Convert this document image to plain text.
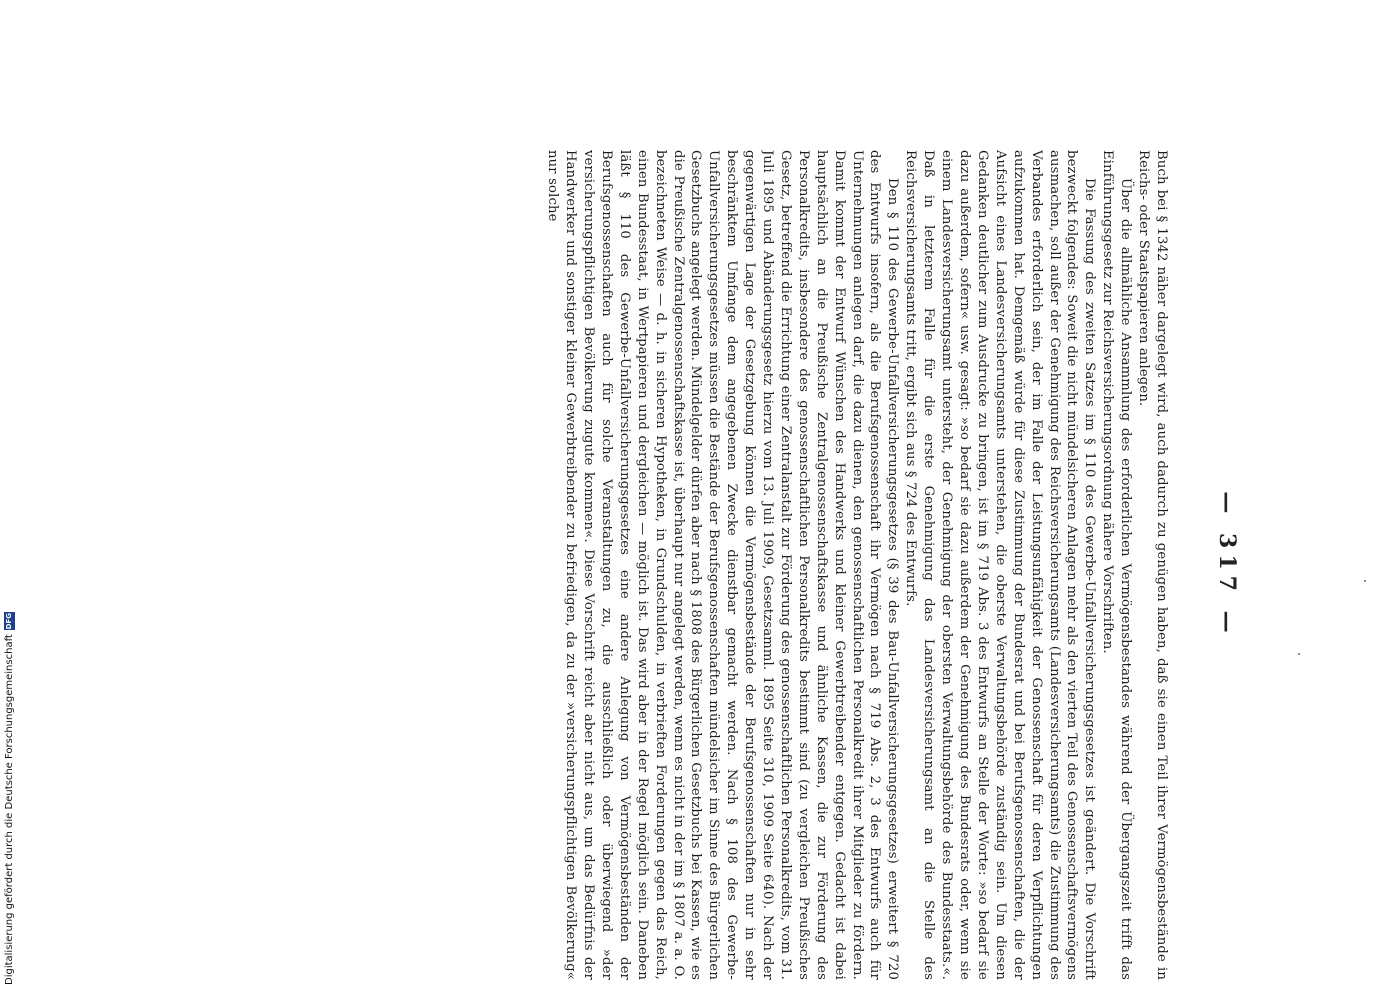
— 317 —

Buch bei § 1342 näher dargelegt wird, auch dadurch zu genügen haben, daß sie einen Teil ihrer Vermögensbestände in Reichs- oder Staatspapieren anlegen.

Über die allmähliche Ansammlung des erforderlichen Vermögensbestandes während der Übergangszeit trifft das Einführungsgesetz zur Reichsversicherungsordnung nähere Vorschriften.

Die Fassung des zweiten Satzes im § 110 des Gewerbe-Unfallversicherungsgesetzes ist geändert. Die Vorschrift bezweckt folgendes: Soweit die nicht mündelsicheren Anlagen mehr als den vierten Teil des Genossenschaftsvermögens ausmachen, soll außer der Genehmigung des Reichsversicherungsamts (Landesversicherungsamts) die Zustimmung des Verbandes erforderlich sein, der im Falle der Leistungsunfähigkeit der Genossenschaft für deren Verpflichtungen aufzukommen hat. Demgemäß würde für diese Zustimmung der Bundesrat und bei Berufsgenossenschaften, die der Aufsicht eines Landesversicherungsamts unterstehen, die oberste Verwaltungsbehörde zuständig sein. Um diesen Gedanken deutlicher zum Ausdrucke zu bringen, ist im § 719 Abs. 3 des Entwurfs an Stelle der Worte: »so bedarf sie dazu außerdem, sofern« usw. gesagt: »so bedarf sie dazu außerdem der Genehmigung des Bundesrats oder, wenn sie einem Landesversicherungsamt untersteht, der Genehmigung der obersten Verwaltungsbehörde des Bundesstaats.«. Daß in letzterem Falle für die erste Genehmigung das Landesversicherungsamt an die Stelle des Reichsversicherungsamts tritt, ergibt sich aus § 724 des Entwurfs.

Den § 110 des Gewerbe-Unfallversicherungsgesetzes (§ 39 des Bau-Unfallversicherungsgesetzes) erweitert § 720 des Entwurfs insofern, als die Berufsgenossenschaft ihr Vermögen nach § 719 Abs. 2, 3 des Entwurfs auch für Unternehmungen anlegen darf, die dazu dienen, den genossenschaftlichen Personalkredit ihrer Mitglieder zu fördern. Damit kommt der Entwurf Wünschen des Handwerks und kleiner Gewerbtreibender entgegen. Gedacht ist dabei hauptsächlich an die Preußische Zentralgenossenschaftskasse und ähnliche Kassen, die zur Förderung des Personalkredits, insbesondere des genossenschaftlichen Personalkredits bestimmt sind (zu vergleichen Preußisches Gesetz, betreffend die Errichtung einer Zentralanstalt zur Förderung des genossenschaftlichen Personalkredits, vom 31. Juli 1895 und Abänderungsgesetz hierzu vom 13. Juli 1909, Gesetzsamml. 1895 Seite 310, 1909 Seite 640). Nach der gegenwärtigen Lage der Gesetzgebung können die Vermögensbestände der Berufsgenossenschaften nur in sehr beschränktem Umfange dem angegebenen Zwecke dienstbar gemacht werden. Nach § 108 des Gewerbe-Unfallversicherungsgesetzes müssen die Bestände der Berufsgenossenschaften mündelsicher im Sinne des Bürgerlichen Gesetzbuchs angelegt werden. Mündelgelder dürfen aber nach § 1808 des Bürgerlichen Gesetzbuchs bei Kassen, wie es die Preußische Zentralgenossenschaftskasse ist, überhaupt nur angelegt werden, wenn es nicht in der im § 1807 a. a. O. bezeichneten Weise — d. h. in sicheren Hypotheken, in Grundschulden, in verbrieften Forderungen gegen das Reich, einen Bundesstaat, in Wertpapieren und dergleichen — möglich ist. Das wird aber in der Regel möglich sein. Daneben läßt § 110 des Gewerbe-Unfallversicherungsgesetzes eine andere Anlegung von Vermögensbeständen der Berufsgenossenschaften auch für solche Veranstaltungen zu, die ausschließlich oder überwiegend »der versicherungspflichtigen Bevölkerung zugute kommen«. Diese Vorschrift reicht aber nicht aus, um das Bedürfnis der Handwerker und sonstiger kleiner Gewerbtreibender zu befriedigen, da zu der »versicherungspflichtigen Bevölkerung« nur solche

Digitalisierung gefördert durch die Deutsche Forschungsgemeinschaft
DFG
